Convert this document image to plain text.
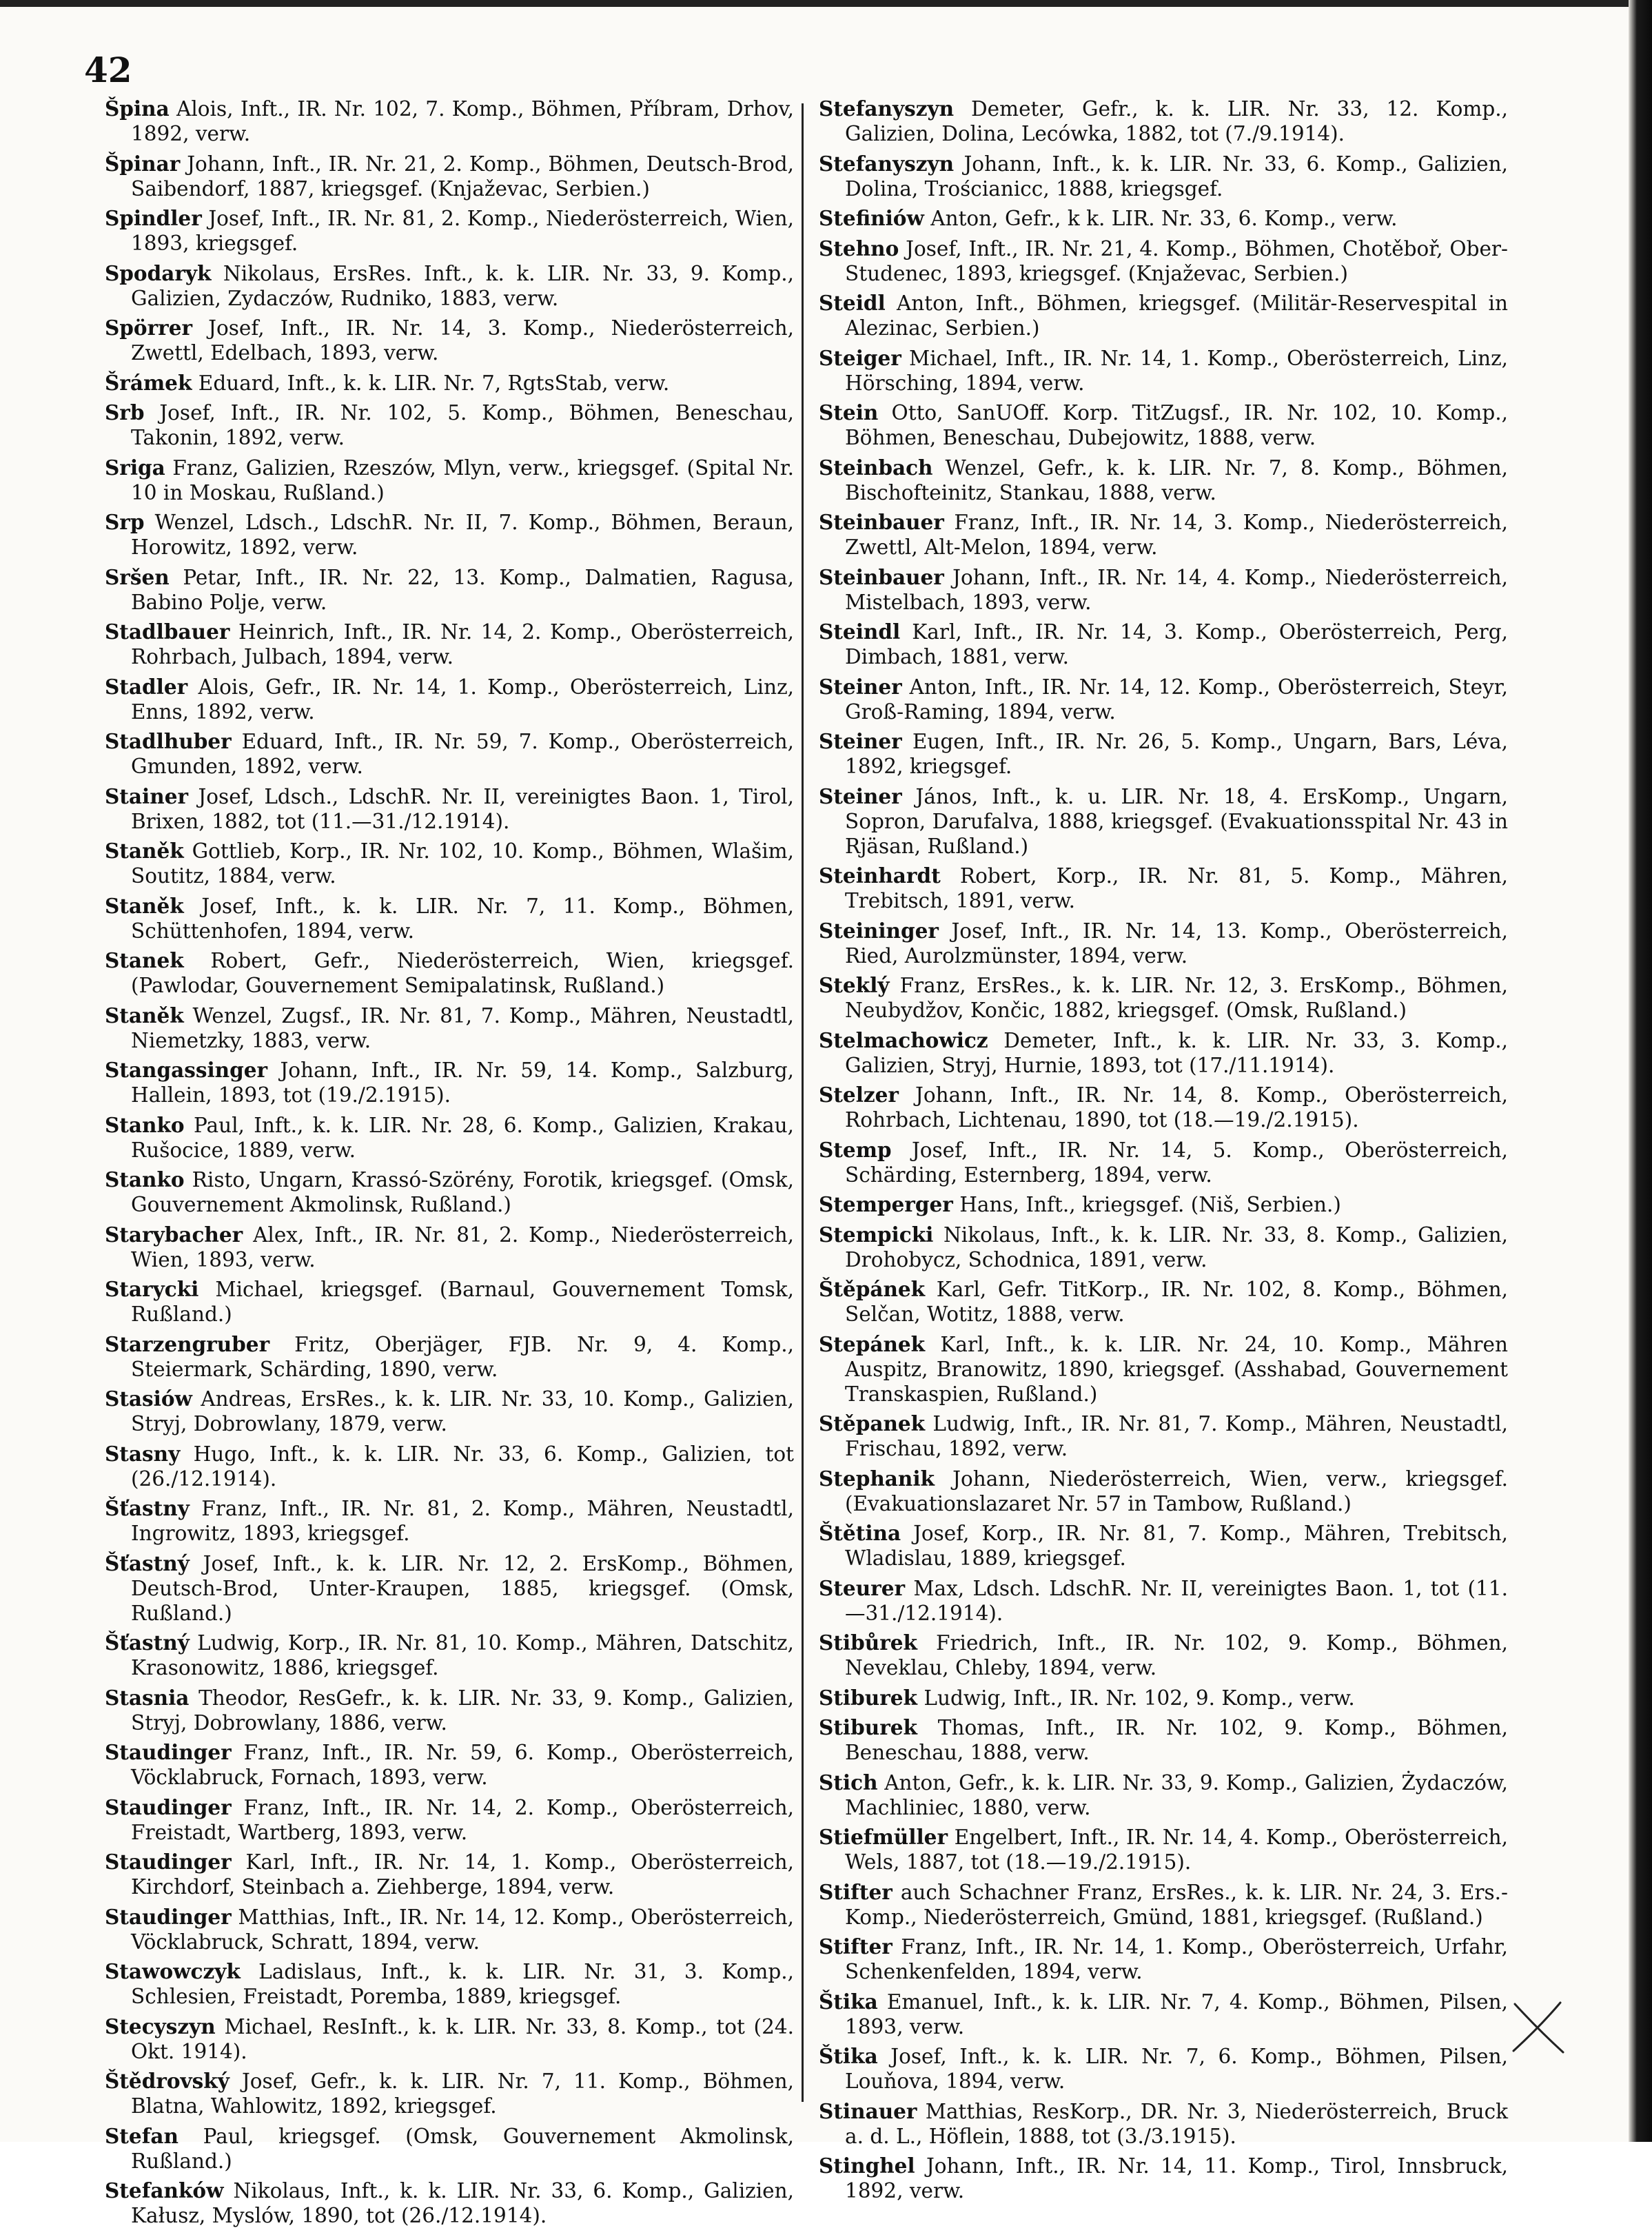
42

Špina Alois, Inft., IR. Nr. 102, 7. Komp., Böhmen, Příbram, Drhov, 1892, verw.

Špinar Johann, Inft., IR. Nr. 21, 2. Komp., Böhmen, Deutsch-Brod, Saibendorf, 1887, kriegsgef. (Knjaževac, Serbien.)

Spindler Josef, Inft., IR. Nr. 81, 2. Komp., Niederösterreich, Wien, 1893, kriegsgef.

Spodaryk Nikolaus, ErsRes. Inft., k. k. LIR. Nr. 33, 9. Komp., Galizien, Zydaczów, Rudniko, 1883, verw.

Spörrer Josef, Inft., IR. Nr. 14, 3. Komp., Niederösterreich, Zwettl, Edelbach, 1893, verw.

Šrámek Eduard, Inft., k. k. LIR. Nr. 7, RgtsStab, verw.

Srb Josef, Inft., IR. Nr. 102, 5. Komp., Böhmen, Beneschau, Takonin, 1892, verw.

Sriga Franz, Galizien, Rzeszów, Mlyn, verw., kriegsgef. (Spital Nr. 10 in Moskau, Rußland.)

Srp Wenzel, Ldsch., LdschR. Nr. II, 7. Komp., Böhmen, Beraun, Horowitz, 1892, verw.

Sršen Petar, Inft., IR. Nr. 22, 13. Komp., Dalmatien, Ragusa, Babino Polje, verw.

Stadlbauer Heinrich, Inft., IR. Nr. 14, 2. Komp., Oberösterreich, Rohrbach, Julbach, 1894, verw.

Stadler Alois, Gefr., IR. Nr. 14, 1. Komp., Oberösterreich, Linz, Enns, 1892, verw.

Stadlhuber Eduard, Inft., IR. Nr. 59, 7. Komp., Oberösterreich, Gmunden, 1892, verw.

Stainer Josef, Ldsch., LdschR. Nr. II, vereinigtes Baon. 1, Tirol, Brixen, 1882, tot (11.—31./12.1914).

Staněk Gottlieb, Korp., IR. Nr. 102, 10. Komp., Böhmen, Wlašim, Soutitz, 1884, verw.

Staněk Josef, Inft., k. k. LIR. Nr. 7, 11. Komp., Böhmen, Schüttenhofen, 1894, verw.

Stanek Robert, Gefr., Niederösterreich, Wien, kriegsgef. (Pawlodar, Gouvernement Semipalatinsk, Rußland.)

Staněk Wenzel, Zugsf., IR. Nr. 81, 7. Komp., Mähren, Neustadtl, Niemetzky, 1883, verw.

Stangassinger Johann, Inft., IR. Nr. 59, 14. Komp., Salzburg, Hallein, 1893, tot (19./2.1915).

Stanko Paul, Inft., k. k. LIR. Nr. 28, 6. Komp., Galizien, Krakau, Rušocice, 1889, verw.

Stanko Risto, Ungarn, Krassó-Szörény, Forotik, kriegsgef. (Omsk, Gouvernement Akmolinsk, Rußland.)

Starybacher Alex, Inft., IR. Nr. 81, 2. Komp., Niederösterreich, Wien, 1893, verw.

Starycki Michael, kriegsgef. (Barnaul, Gouvernement Tomsk, Rußland.)

Starzengruber Fritz, Oberjäger, FJB. Nr. 9, 4. Komp., Steiermark, Schärding, 1890, verw.

Stasiów Andreas, ErsRes., k. k. LIR. Nr. 33, 10. Komp., Galizien, Stryj, Dobrowlany, 1879, verw.

Stasny Hugo, Inft., k. k. LIR. Nr. 33, 6. Komp., Galizien, tot (26./12.1914).

Šťastny Franz, Inft., IR. Nr. 81, 2. Komp., Mähren, Neustadtl, Ingrowitz, 1893, kriegsgef.

Šťastný Josef, Inft., k. k. LIR. Nr. 12, 2. ErsKomp., Böhmen, Deutsch-Brod, Unter-Kraupen, 1885, kriegsgef. (Omsk, Rußland.)

Šťastný Ludwig, Korp., IR. Nr. 81, 10. Komp., Mähren, Datschitz, Krasonowitz, 1886, kriegsgef.

Stasnia Theodor, ResGefr., k. k. LIR. Nr. 33, 9. Komp., Galizien, Stryj, Dobrowlany, 1886, verw.

Staudinger Franz, Inft., IR. Nr. 59, 6. Komp., Oberösterreich, Vöcklabruck, Fornach, 1893, verw.

Staudinger Franz, Inft., IR. Nr. 14, 2. Komp., Oberösterreich, Freistadt, Wartberg, 1893, verw.

Staudinger Karl, Inft., IR. Nr. 14, 1. Komp., Oberösterreich, Kirchdorf, Steinbach a. Ziehberge, 1894, verw.

Staudinger Matthias, Inft., IR. Nr. 14, 12. Komp., Oberösterreich, Vöcklabruck, Schratt, 1894, verw.

Stawowczyk Ladislaus, Inft., k. k. LIR. Nr. 31, 3. Komp., Schlesien, Freistadt, Poremba, 1889, kriegsgef.

Stecyszyn Michael, ResInft., k. k. LIR. Nr. 33, 8. Komp., tot (24. Okt. 1914).

Štědrovský Josef, Gefr., k. k. LIR. Nr. 7, 11. Komp., Böhmen, Blatna, Wahlowitz, 1892, kriegsgef.

Stefan Paul, kriegsgef. (Omsk, Gouvernement Akmolinsk, Rußland.)

Stefanków Nikolaus, Inft., k. k. LIR. Nr. 33, 6. Komp., Galizien, Kałusz, Myslów, 1890, tot (26./12.1914).

Stefanyszyn Demeter, Gefr., k. k. LIR. Nr. 33, 12. Komp., Galizien, Dolina, Lecówka, 1882, tot (7./9.1914).

Stefanyszyn Johann, Inft., k. k. LIR. Nr. 33, 6. Komp., Galizien, Dolina, Trościanicc, 1888, kriegsgef.

Stefiniów Anton, Gefr., k k. LIR. Nr. 33, 6. Komp., verw.

Stehno Josef, Inft., IR. Nr. 21, 4. Komp., Böhmen, Chotěboř, Ober-Studenec, 1893, kriegsgef. (Knjaževac, Serbien.)

Steidl Anton, Inft., Böhmen, kriegsgef. (Militär-Reservespital in Alezinac, Serbien.)

Steiger Michael, Inft., IR. Nr. 14, 1. Komp., Oberösterreich, Linz, Hörsching, 1894, verw.

Stein Otto, SanUOff. Korp. TitZugsf., IR. Nr. 102, 10. Komp., Böhmen, Beneschau, Dubejowitz, 1888, verw.

Steinbach Wenzel, Gefr., k. k. LIR. Nr. 7, 8. Komp., Böhmen, Bischofteinitz, Stankau, 1888, verw.

Steinbauer Franz, Inft., IR. Nr. 14, 3. Komp., Niederösterreich, Zwettl, Alt-Melon, 1894, verw.

Steinbauer Johann, Inft., IR. Nr. 14, 4. Komp., Niederösterreich, Mistelbach, 1893, verw.

Steindl Karl, Inft., IR. Nr. 14, 3. Komp., Oberösterreich, Perg, Dimbach, 1881, verw.

Steiner Anton, Inft., IR. Nr. 14, 12. Komp., Oberösterreich, Steyr, Groß-Raming, 1894, verw.

Steiner Eugen, Inft., IR. Nr. 26, 5. Komp., Ungarn, Bars, Léva, 1892, kriegsgef.

Steiner János, Inft., k. u. LIR. Nr. 18, 4. ErsKomp., Ungarn, Sopron, Darufalva, 1888, kriegsgef. (Evakuationsspital Nr. 43 in Rjäsan, Rußland.)

Steinhardt Robert, Korp., IR. Nr. 81, 5. Komp., Mähren, Trebitsch, 1891, verw.

Steininger Josef, Inft., IR. Nr. 14, 13. Komp., Oberösterreich, Ried, Aurolzmünster, 1894, verw.

Steklý Franz, ErsRes., k. k. LIR. Nr. 12, 3. ErsKomp., Böhmen, Neubydžov, Končic, 1882, kriegsgef. (Omsk, Rußland.)

Stelmachowicz Demeter, Inft., k. k. LIR. Nr. 33, 3. Komp., Galizien, Stryj, Hurnie, 1893, tot (17./11.1914).

Stelzer Johann, Inft., IR. Nr. 14, 8. Komp., Oberösterreich, Rohrbach, Lichtenau, 1890, tot (18.—19./2.1915).

Stemp Josef, Inft., IR. Nr. 14, 5. Komp., Oberösterreich, Schärding, Esternberg, 1894, verw.

Stemperger Hans, Inft., kriegsgef. (Niš, Serbien.)

Stempicki Nikolaus, Inft., k. k. LIR. Nr. 33, 8. Komp., Galizien, Drohobycz, Schodnica, 1891, verw.

Štěpánek Karl, Gefr. TitKorp., IR. Nr. 102, 8. Komp., Böhmen, Selčan, Wotitz, 1888, verw.

Stepánek Karl, Inft., k. k. LIR. Nr. 24, 10. Komp., Mähren Auspitz, Branowitz, 1890, kriegsgef. (Asshabad, Gouvernement Transkaspien, Rußland.)

Stěpanek Ludwig, Inft., IR. Nr. 81, 7. Komp., Mähren, Neustadtl, Frischau, 1892, verw.

Stephanik Johann, Niederösterreich, Wien, verw., kriegsgef. (Evakuationslazaret Nr. 57 in Tambow, Rußland.)

Štětina Josef, Korp., IR. Nr. 81, 7. Komp., Mähren, Trebitsch, Wladislau, 1889, kriegsgef.

Steurer Max, Ldsch. LdschR. Nr. II, vereinigtes Baon. 1, tot (11.—31./12.1914).

Stibůrek Friedrich, Inft., IR. Nr. 102, 9. Komp., Böhmen, Neveklau, Chleby, 1894, verw.

Stiburek Ludwig, Inft., IR. Nr. 102, 9. Komp., verw.

Stiburek Thomas, Inft., IR. Nr. 102, 9. Komp., Böhmen, Beneschau, 1888, verw.

Stich Anton, Gefr., k. k. LIR. Nr. 33, 9. Komp., Galizien, Żydaczów, Machliniec, 1880, verw.

Stiefmüller Engelbert, Inft., IR. Nr. 14, 4. Komp., Oberösterreich, Wels, 1887, tot (18.—19./2.1915).

Stifter auch Schachner Franz, ErsRes., k. k. LIR. Nr. 24, 3. Ers.-Komp., Niederösterreich, Gmünd, 1881, kriegsgef. (Rußland.)

Stifter Franz, Inft., IR. Nr. 14, 1. Komp., Oberösterreich, Urfahr, Schenkenfelden, 1894, verw.

Štika Emanuel, Inft., k. k. LIR. Nr. 7, 4. Komp., Böhmen, Pilsen, 1893, verw.

Štika Josef, Inft., k. k. LIR. Nr. 7, 6. Komp., Böhmen, Pilsen, Louňova, 1894, verw.

Stinauer Matthias, ResKorp., DR. Nr. 3, Niederösterreich, Bruck a. d. L., Höflein, 1888, tot (3./3.1915).

Stinghel Johann, Inft., IR. Nr. 14, 11. Komp., Tirol, Innsbruck, 1892, verw.
